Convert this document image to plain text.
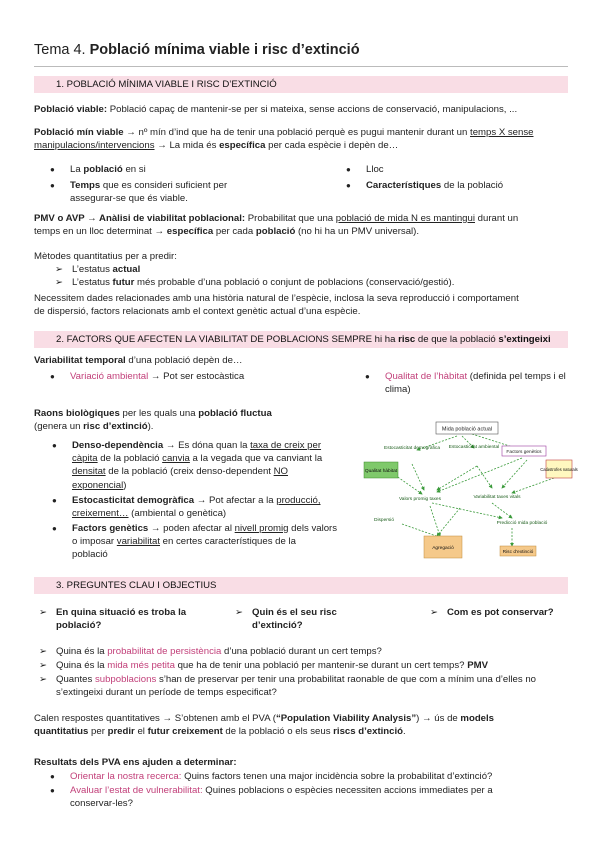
Tema 4. Població mínima viable i risc d’extinció
1. POBLACIÓ MÍNIMA VIABLE I RISC D’EXTINCIÓ
Població viable: Població capaç de mantenir-se per si mateixa, sense accions de conservació, manipulacions, ...
Població mín viable → nº mín d’ind que ha de tenir una població perquè es pugui mantenir durant un temps X sense
manipulacions/intervencions → La mida és específica per cada espècie i depèn de…
● La població en si
● Temps que es consideri suficient per
assegurar-se que és viable.
● Lloc
● Característiques de la població
PMV o AVP → Anàlisi de viabilitat poblacional: Probabilitat que una població de mida N es mantingui durant un
temps en un lloc determinat → específica per cada població (no hi ha un PMV universal).
Mètodes quantitatius per a predir:
➢ L’estatus actual
➢ L’estatus futur més probable d’una població o conjunt de poblacions (conservació/gestió).
Necessitem dades relacionades amb una història natural de l’espècie, inclosa la seva reproducció i comportament
de dispersió, factors relacionats amb el context genètic actual d’una espècie.
2. FACTORS QUE AFECTEN LA VIABILITAT DE POBLACIONS SEMPRE hi ha risc de que la població s’extingeixi
Variabilitat temporal d’una població depèn de…
● Variació ambiental → Pot ser estocàstica
●	Qualitat de l’hàbitat (definida pel temps i el
clima)
Raons biològiques per les quals una població fluctua
(genera un risc d’extinció).
● Denso-dependència → Es dóna quan la taxa de creix per
càpita de la població canvia a la vegada que va canviant la
densitat de la població (creix denso-dependent NO
exponencial)
● Estocasticitat demogràfica → Pot afectar a la producció,
creixement… (ambiental o genètica)
● Factors genètics → poden afectar al nivell promig dels valors
o imposar variabilitat en certes característiques de la
població
Mida població actual
Estocasticitat demogràfica Estocasticitat ambiental
Factors genètics
Qualitat hàbitat	Catàstrofes naturals
Valors promig taxes	Variabilitat taxes vitals
Predicció mida població
Dispersió
Agregació
Risc d’extinció
3. PREGUNTES CLAU I OBJECTIUS
➢ En quina situació es troba la
població?
➢ Quin és el seu risc
d’extinció?
➢ Com es pot conservar?
➢ Quina és la probabilitat de persistència d’una població durant un cert temps?
➢ Quina és la mida més petita que ha de tenir una població per mantenir-se durant un cert temps? PMV
➢ Quantes subpoblacions s’han de preservar per tenir una probabilitat raonable de que com a mínim una d’elles no
s’extingeixi durant un període de temps especificat?
Calen respostes quantitatives → S’obtenen amb el PVA (“Population Viability Analysis”) → ús de models
quantitatius per predir el futur creixement de la població o els seus riscs d’extinció.
Resultats dels PVA ens ajuden a determinar:
● Orientar la nostra recerca: Quins factors tenen una major incidència sobre la probabilitat d’extinció?
● Avaluar l’estat de vulnerabilitat: Quines poblacions o espècies necessiten accions immediates per a
conservar-les?
